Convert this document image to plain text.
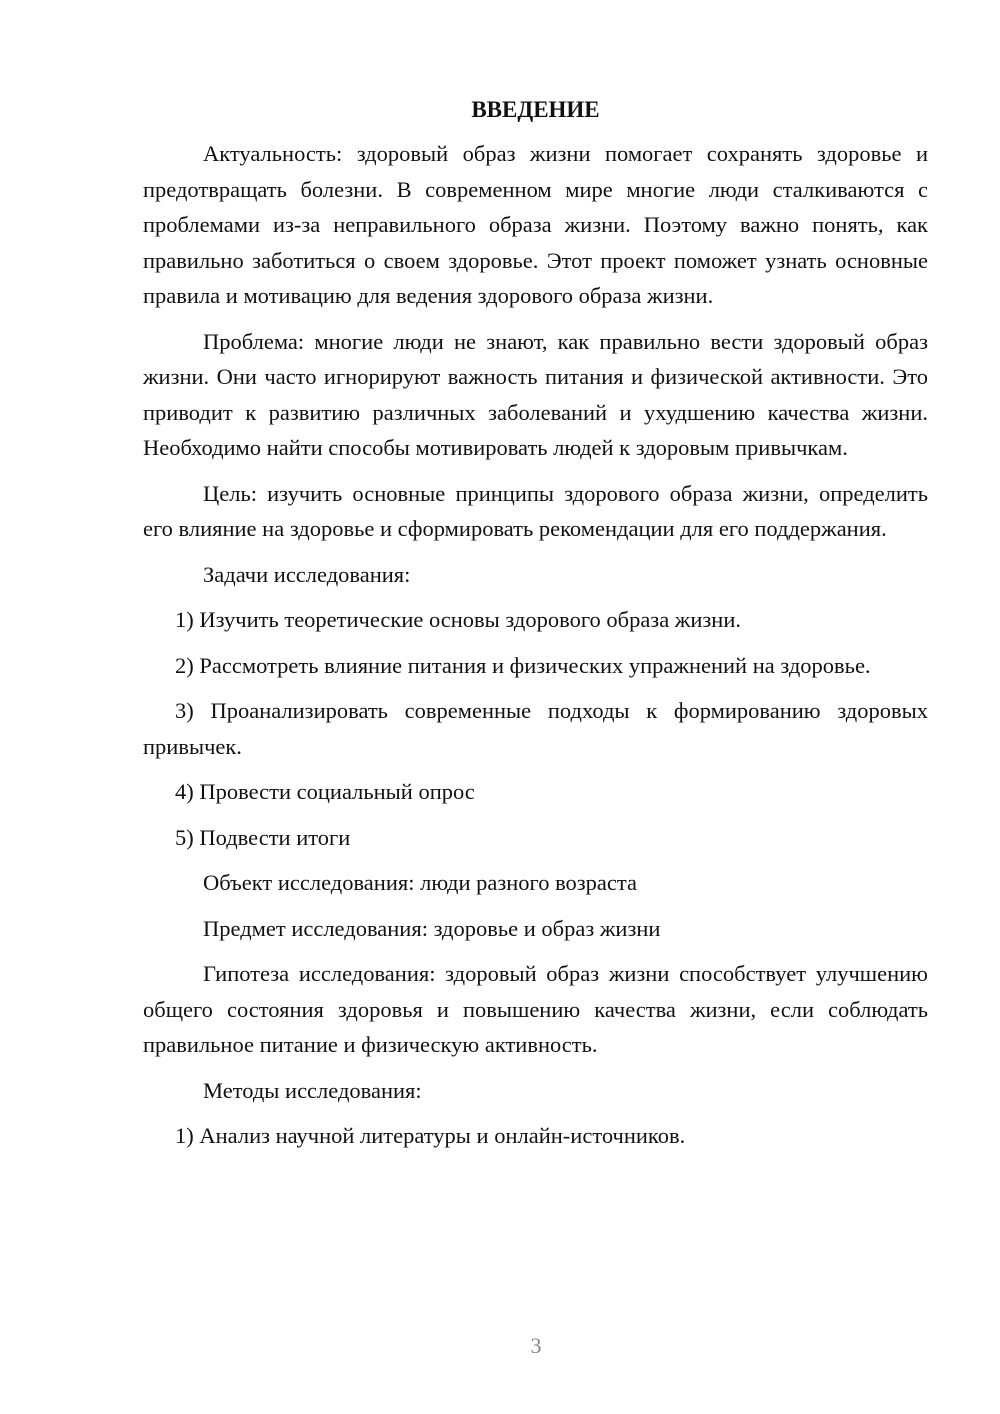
ВВЕДЕНИЕ

Актуальность: здоровый образ жизни помогает сохранять здоровье и предотвращать болезни. В современном мире многие люди сталкиваются с проблемами из-за неправильного образа жизни. Поэтому важно понять, как правильно заботиться о своем здоровье. Этот проект поможет узнать основные правила и мотивацию для ведения здорового образа жизни.

Проблема: многие люди не знают, как правильно вести здоровый образ жизни. Они часто игнорируют важность питания и физической активности. Это приводит к развитию различных заболеваний и ухудшению качества жизни. Необходимо найти способы мотивировать людей к здоровым привычкам.

Цель: изучить основные принципы здорового образа жизни, определить его влияние на здоровье и сформировать рекомендации для его поддержания.

Задачи исследования:

1) Изучить теоретические основы здорового образа жизни.

2) Рассмотреть влияние питания и физических упражнений на здоровье.

3) Проанализировать современные подходы к формированию здоровых привычек.

4) Провести социальный опрос

5) Подвести итоги

Объект исследования: люди разного возраста

Предмет исследования: здоровье и образ жизни

Гипотеза исследования: здоровый образ жизни способствует улучшению общего состояния здоровья и повышению качества жизни, если соблюдать правильное питание и физическую активность.

Методы исследования:

1) Анализ научной литературы и онлайн-источников.

3
